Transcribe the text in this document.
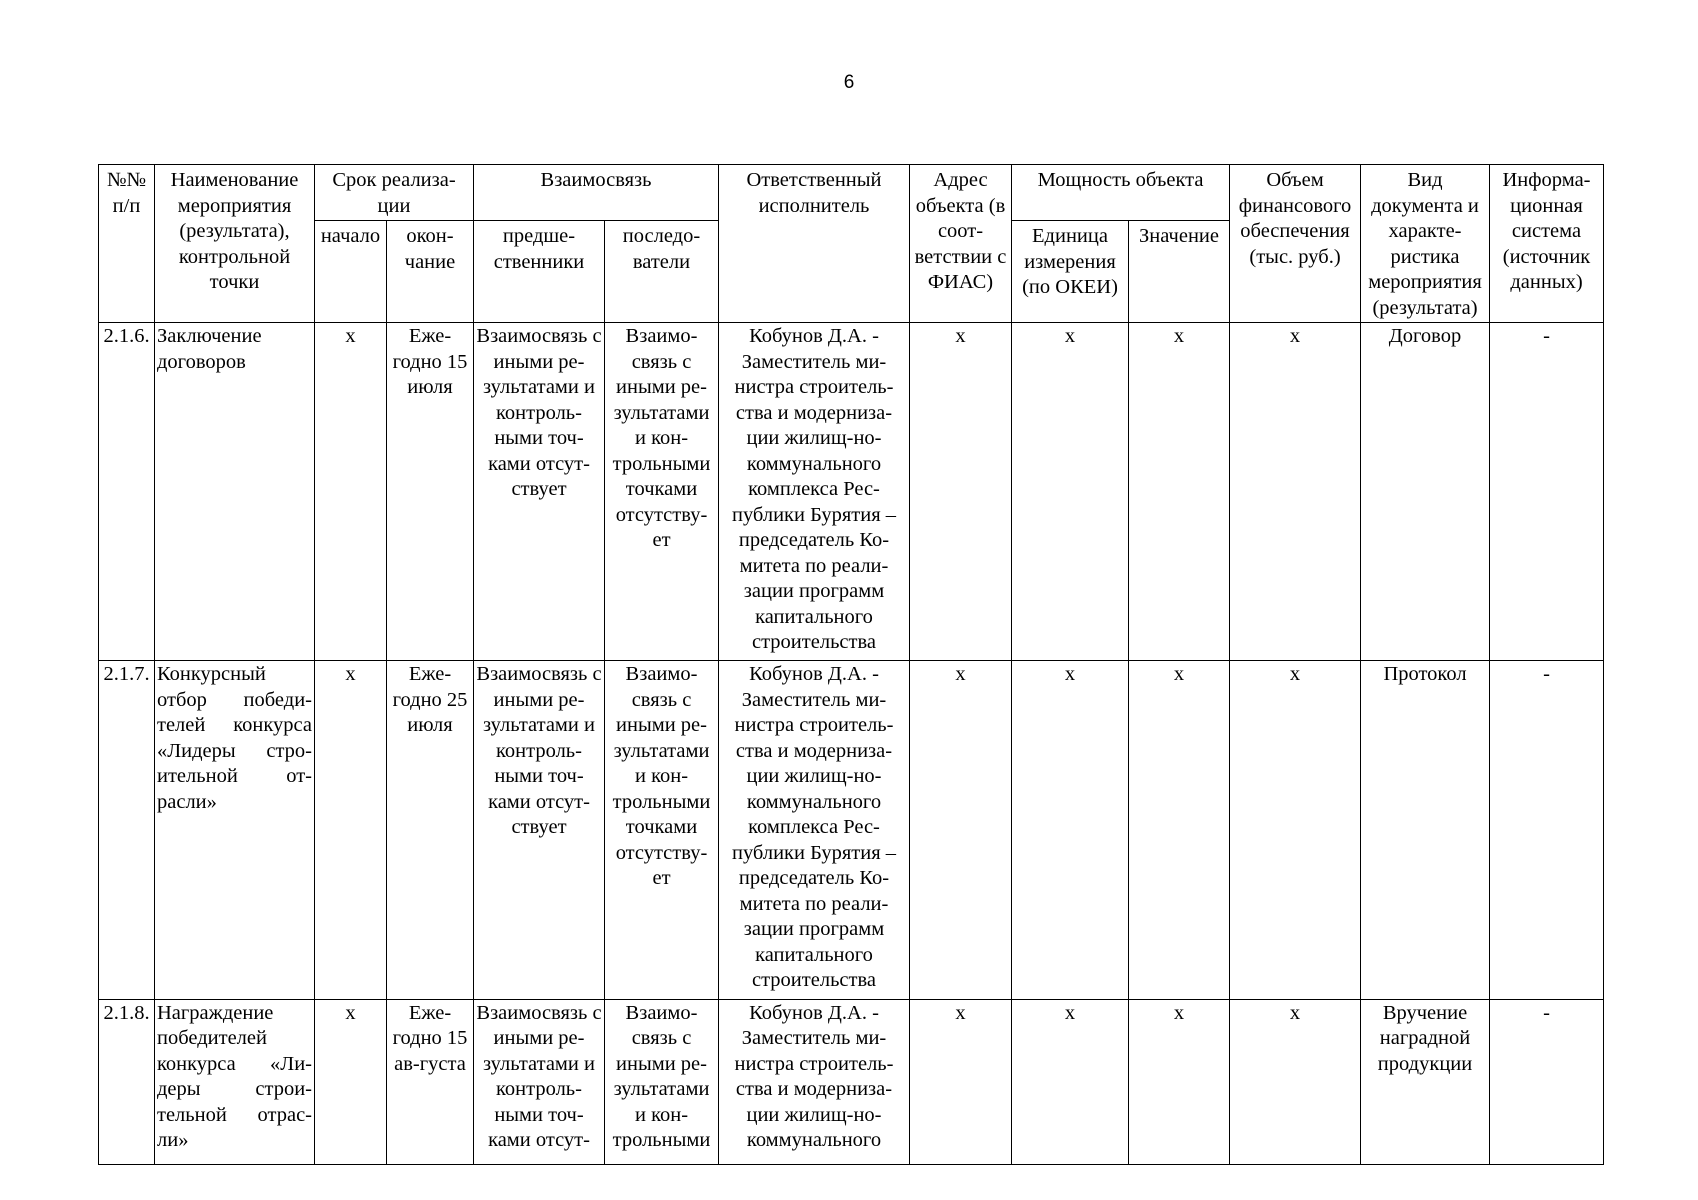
6
№№ п/п	Наименование мероприятия (результата), контрольной точки	Срок реализа-ции		Взаимосвязь		Ответственный исполнитель	Адрес объекта (в соот-ветствии с ФИАС)	Мощность объекта		Объем финансового обеспечения (тыс. руб.)	Вид документа и характе-ристика мероприятия (результата)	Информа-ционная система (источник данных)
		начало	окон-чание	предше-ственники	последо-ватели			Единица измерения (по ОКЕИ)	Значение			
2.1.6.	Заключение договоров	х	Еже-годно 15 июля	Взаимосвязь с иными ре-зультатами и контроль-ными точ-ками отсут-ствует	Взаимо-связь с иными ре-зультатами и кон-трольными точками отсутству-ет	Кобунов Д.А. - Заместитель ми-нистра строитель-ства и модерниза-ции жилищ-но-коммунального комплекса Рес-публики Бурятия – председатель Ко-митета по реали-зации программ капитального строительства	х	х	х	х	Договор	-
2.1.7.	Конкурсный отбор победи-телей конкурса «Лидеры стро-ительной от-расли»	х	Еже-годно 25 июля	Взаимосвязь с иными ре-зультатами и контроль-ными точ-ками отсут-ствует	Взаимо-связь с иными ре-зультатами и кон-трольными точками отсутству-ет	Кобунов Д.А. - Заместитель ми-нистра строитель-ства и модерниза-ции жилищ-но-коммунального комплекса Рес-публики Бурятия – председатель Ко-митета по реали-зации программ капитального строительства	х	х	х	х	Протокол	-
2.1.8.	Награждение победителей конкурса «Ли-деры строи-тельной отрас-ли»	х	Еже-годно 15 ав-густа	Взаимосвязь с иными ре-зультатами и контроль-ными точ-ками отсут-	Взаимо-связь с иными ре-зультатами и кон-трольными	Кобунов Д.А. - Заместитель ми-нистра строитель-ства и модерниза-ции жилищ-но-коммунального	х	х	х	х	Вручение наградной продукции	-
